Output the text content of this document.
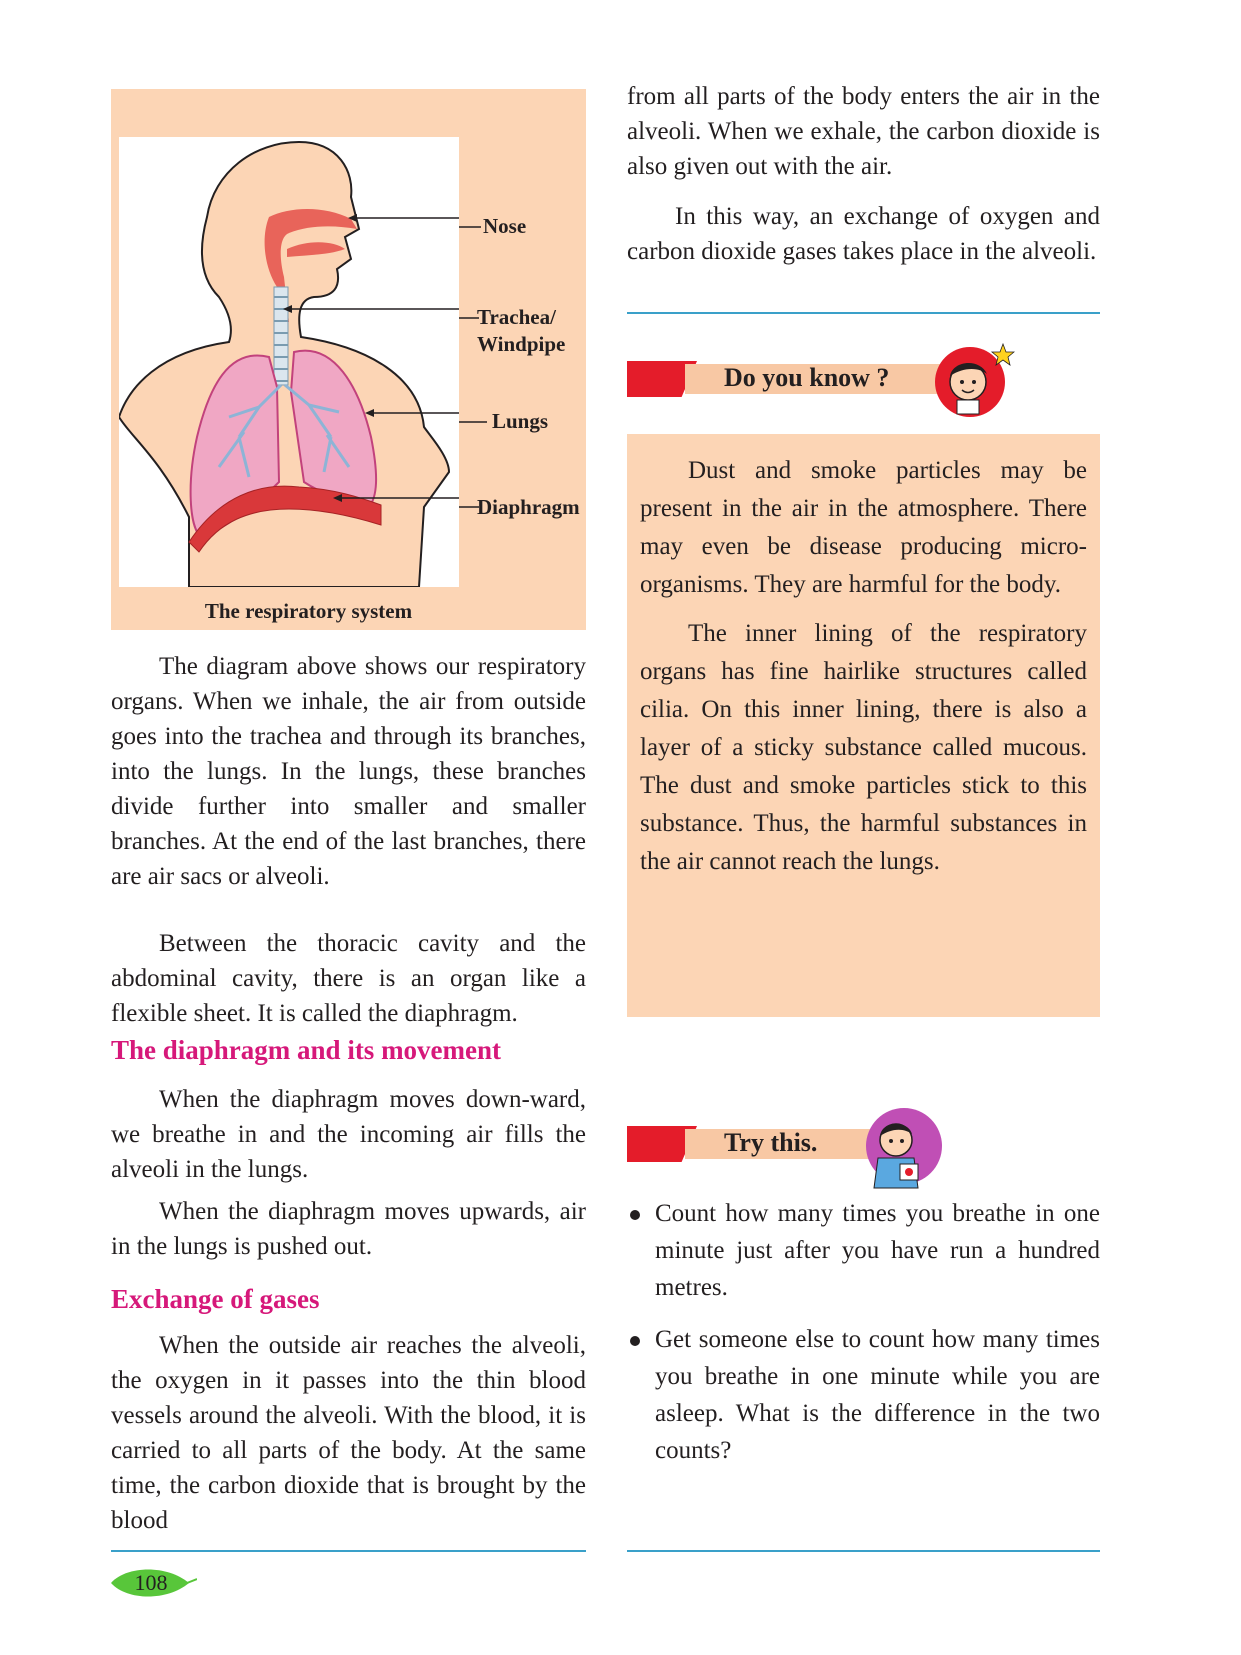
Nose
Trachea/
Windpipe
Lungs
Diaphragm
The respiratory system

The diagram above shows our respiratory organs. When we inhale, the air from outside goes into the trachea and through its branches, into the lungs. In the lungs, these branches divide further into smaller and smaller branches. At the end of the last branches, there are air sacs or alveoli.

Between the thoracic cavity and the abdominal cavity, there is an organ like a flexible sheet. It is called the diaphragm.

The diaphragm and its movement

When the diaphragm moves down-ward, we breathe in and the incoming air fills the alveoli in the lungs.

When the diaphragm moves upwards, air in the lungs is pushed out.

Exchange of gases

When the outside air reaches the alveoli, the oxygen in it passes into the thin blood vessels around the alveoli. With the blood, it is carried to all parts of the body. At the same time, the carbon dioxide that is brought by the blood

from all parts of the body enters the air in the alveoli. When we exhale, the carbon dioxide is also given out with the air.

In this way, an exchange of oxygen and carbon dioxide gases takes place in the alveoli.

Do you know ?

Dust and smoke particles may be present in the air in the atmosphere. There may even be disease producing micro-organisms. They are harmful for the body.

The inner lining of the respiratory organs has fine hairlike structures called cilia. On this inner lining, there is also a layer of a sticky substance called mucous. The dust and smoke particles stick to this substance. Thus, the harmful substances in the air cannot reach the lungs.

Try this.
Count how many times you breathe in one minute just after you have run a hundred metres.
Get someone else to count how many times you breathe in one minute while you are asleep. What is the difference in the two counts?
108
